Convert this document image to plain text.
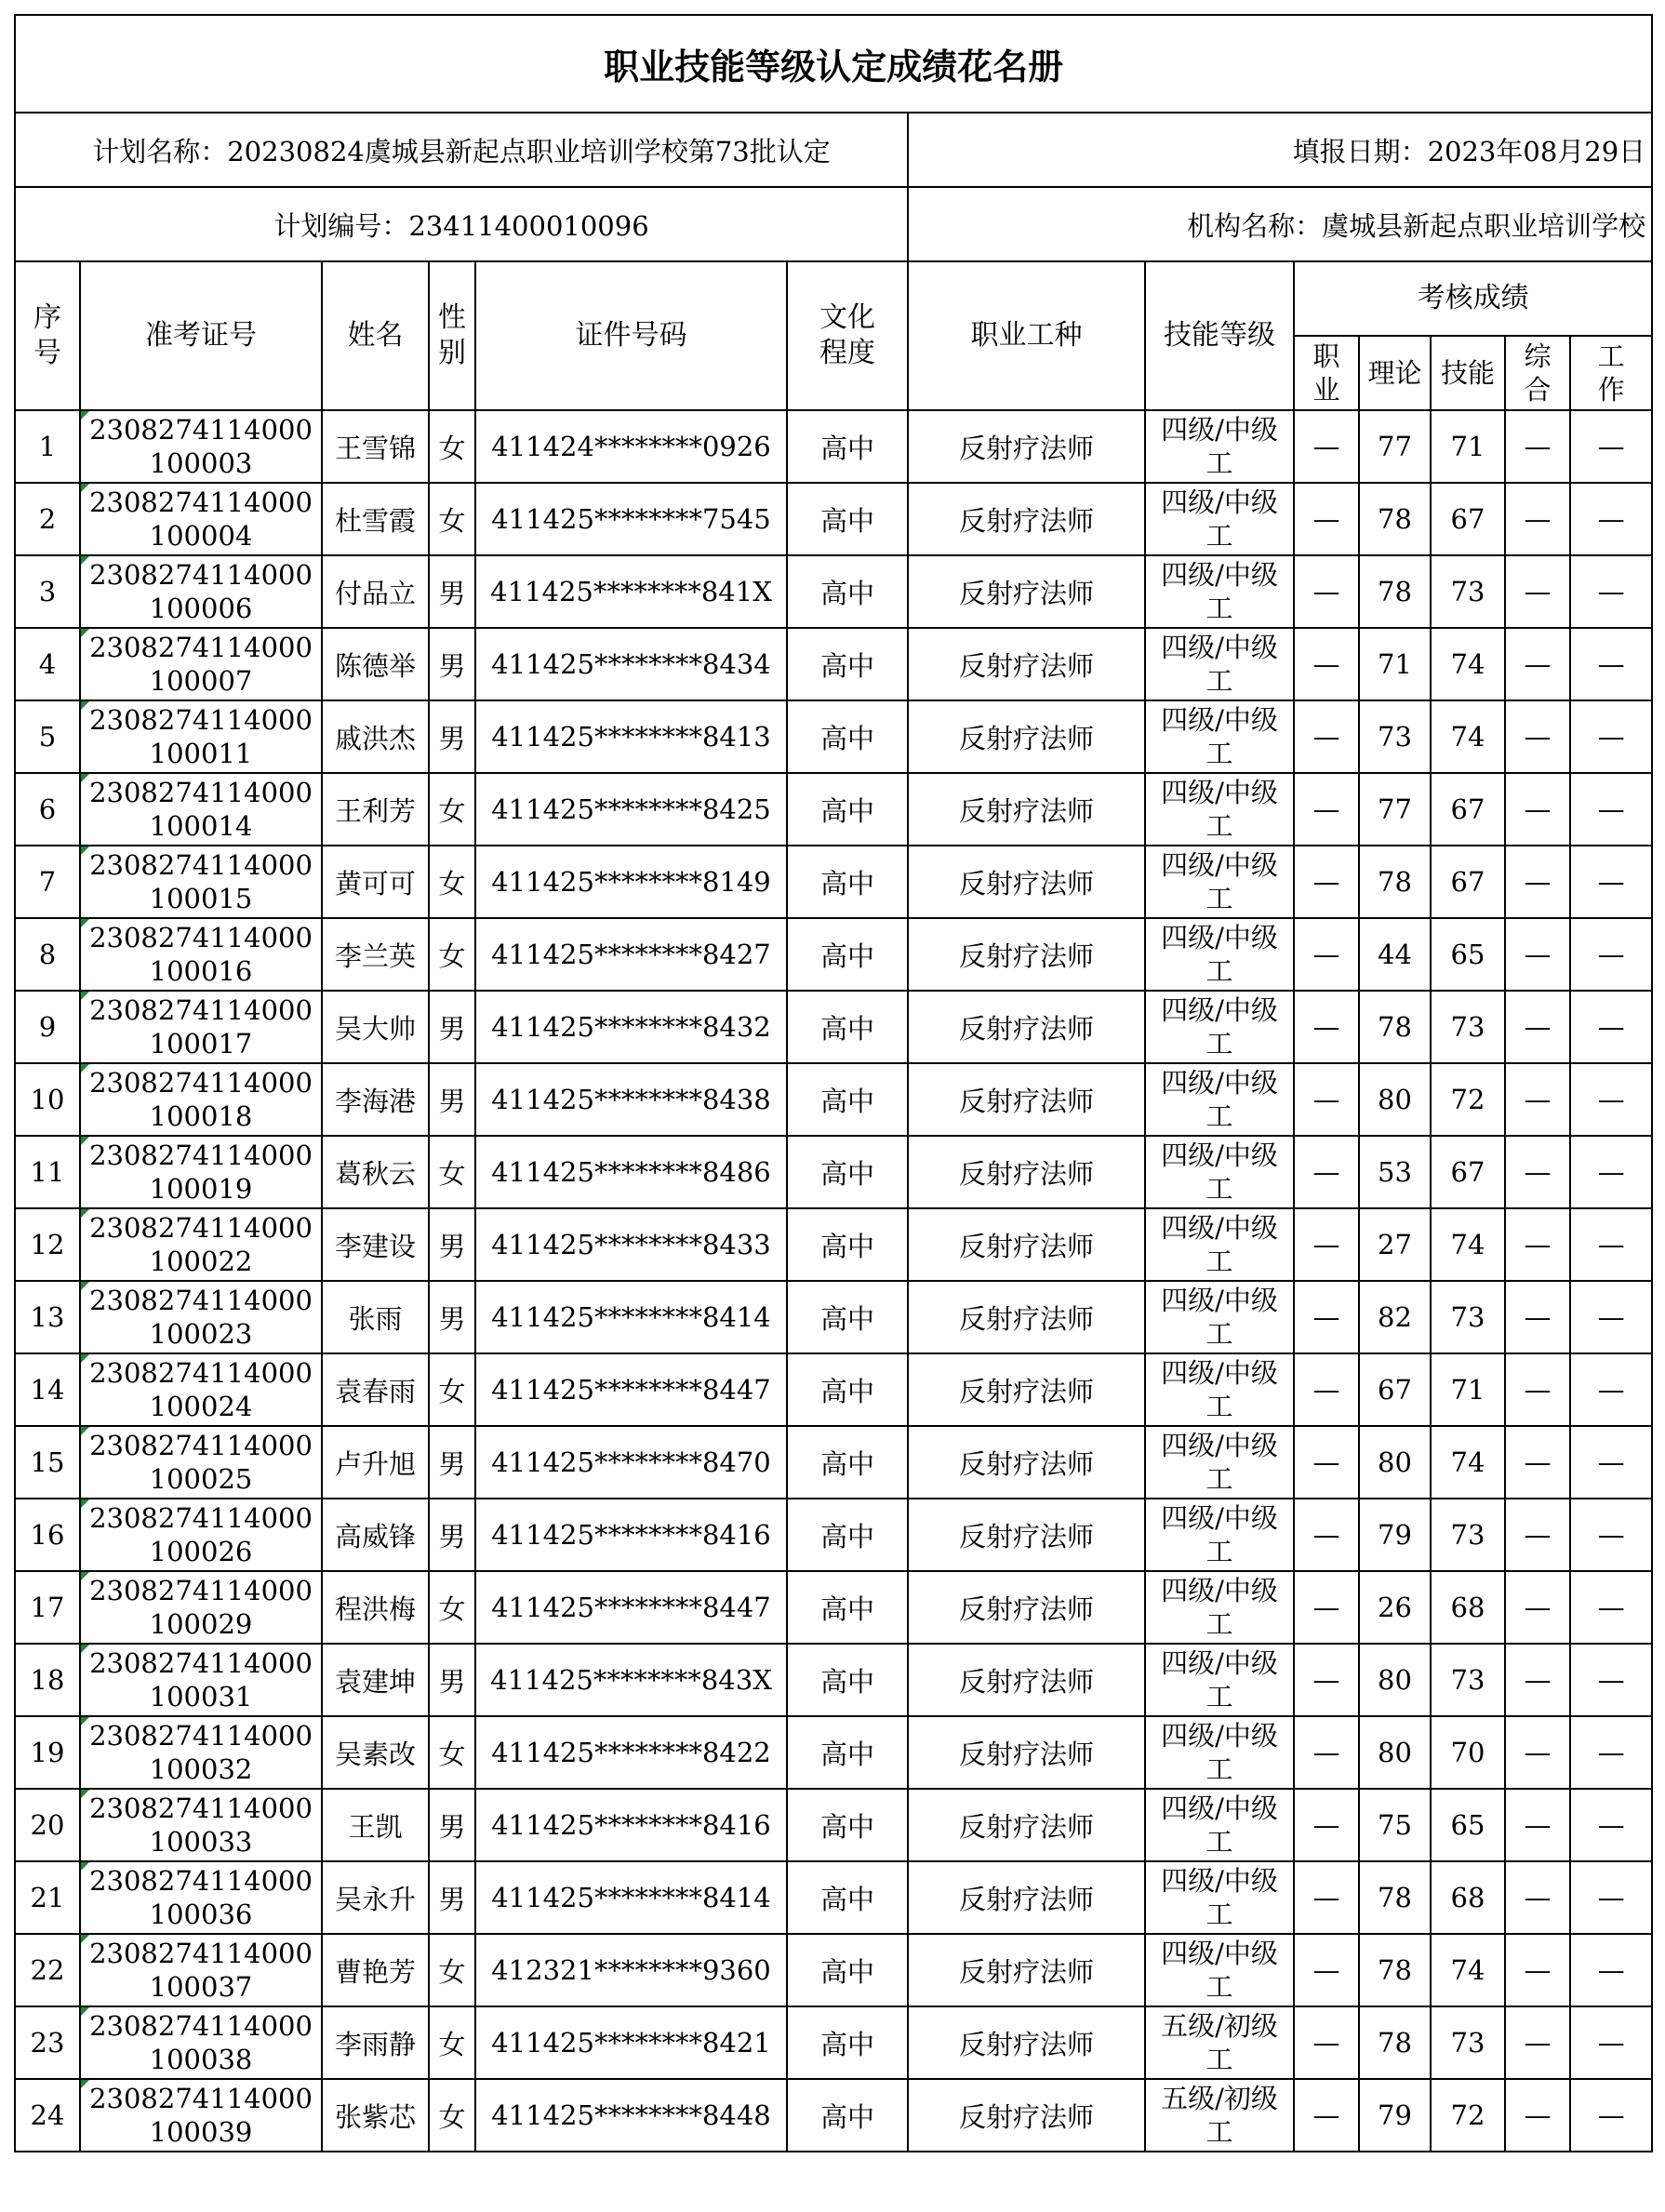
职业技能等级认定成绩花名册												
计划名称：20230824虞城县新起点职业培训学校第73批认定						填报日期：2023年08月29日						
计划编号：23411400010096						机构名称：虞城县新起点职业培训学校						
序号	准考证号	姓名	性别	证件号码	文化程度	职业工种	技能等级	考核成绩				
								职业	理论	技能	综合	工作
1	2308274114000100003	王雪锦	女	411424********0926	高中	反射疗法师	四级/中级工	—	77	71	—	—
2	2308274114000100004	杜雪霞	女	411425********7545	高中	反射疗法师	四级/中级工	—	78	67	—	—
3	2308274114000100006	付品立	男	411425********841X	高中	反射疗法师	四级/中级工	—	78	73	—	—
4	2308274114000100007	陈德举	男	411425********8434	高中	反射疗法师	四级/中级工	—	71	74	—	—
5	2308274114000100011	戚洪杰	男	411425********8413	高中	反射疗法师	四级/中级工	—	73	74	—	—
6	2308274114000100014	王利芳	女	411425********8425	高中	反射疗法师	四级/中级工	—	77	67	—	—
7	2308274114000100015	黄可可	女	411425********8149	高中	反射疗法师	四级/中级工	—	78	67	—	—
8	2308274114000100016	李兰英	女	411425********8427	高中	反射疗法师	四级/中级工	—	44	65	—	—
9	2308274114000100017	吴大帅	男	411425********8432	高中	反射疗法师	四级/中级工	—	78	73	—	—
10	2308274114000100018	李海港	男	411425********8438	高中	反射疗法师	四级/中级工	—	80	72	—	—
11	2308274114000100019	葛秋云	女	411425********8486	高中	反射疗法师	四级/中级工	—	53	67	—	—
12	2308274114000100022	李建设	男	411425********8433	高中	反射疗法师	四级/中级工	—	27	74	—	—
13	2308274114000100023	张雨	男	411425********8414	高中	反射疗法师	四级/中级工	—	82	73	—	—
14	2308274114000100024	袁春雨	女	411425********8447	高中	反射疗法师	四级/中级工	—	67	71	—	—
15	2308274114000100025	卢升旭	男	411425********8470	高中	反射疗法师	四级/中级工	—	80	74	—	—
16	2308274114000100026	高威锋	男	411425********8416	高中	反射疗法师	四级/中级工	—	79	73	—	—
17	2308274114000100029	程洪梅	女	411425********8447	高中	反射疗法师	四级/中级工	—	26	68	—	—
18	2308274114000100031	袁建坤	男	411425********843X	高中	反射疗法师	四级/中级工	—	80	73	—	—
19	2308274114000100032	吴素改	女	411425********8422	高中	反射疗法师	四级/中级工	—	80	70	—	—
20	2308274114000100033	王凯	男	411425********8416	高中	反射疗法师	四级/中级工	—	75	65	—	—
21	2308274114000100036	吴永升	男	411425********8414	高中	反射疗法师	四级/中级工	—	78	68	—	—
22	2308274114000100037	曹艳芳	女	412321********9360	高中	反射疗法师	四级/中级工	—	78	74	—	—
23	2308274114000100038	李雨静	女	411425********8421	高中	反射疗法师	五级/初级工	—	78	73	—	—
24	2308274114000100039	张紫芯	女	411425********8448	高中	反射疗法师	五级/初级工	—	79	72	—	—
